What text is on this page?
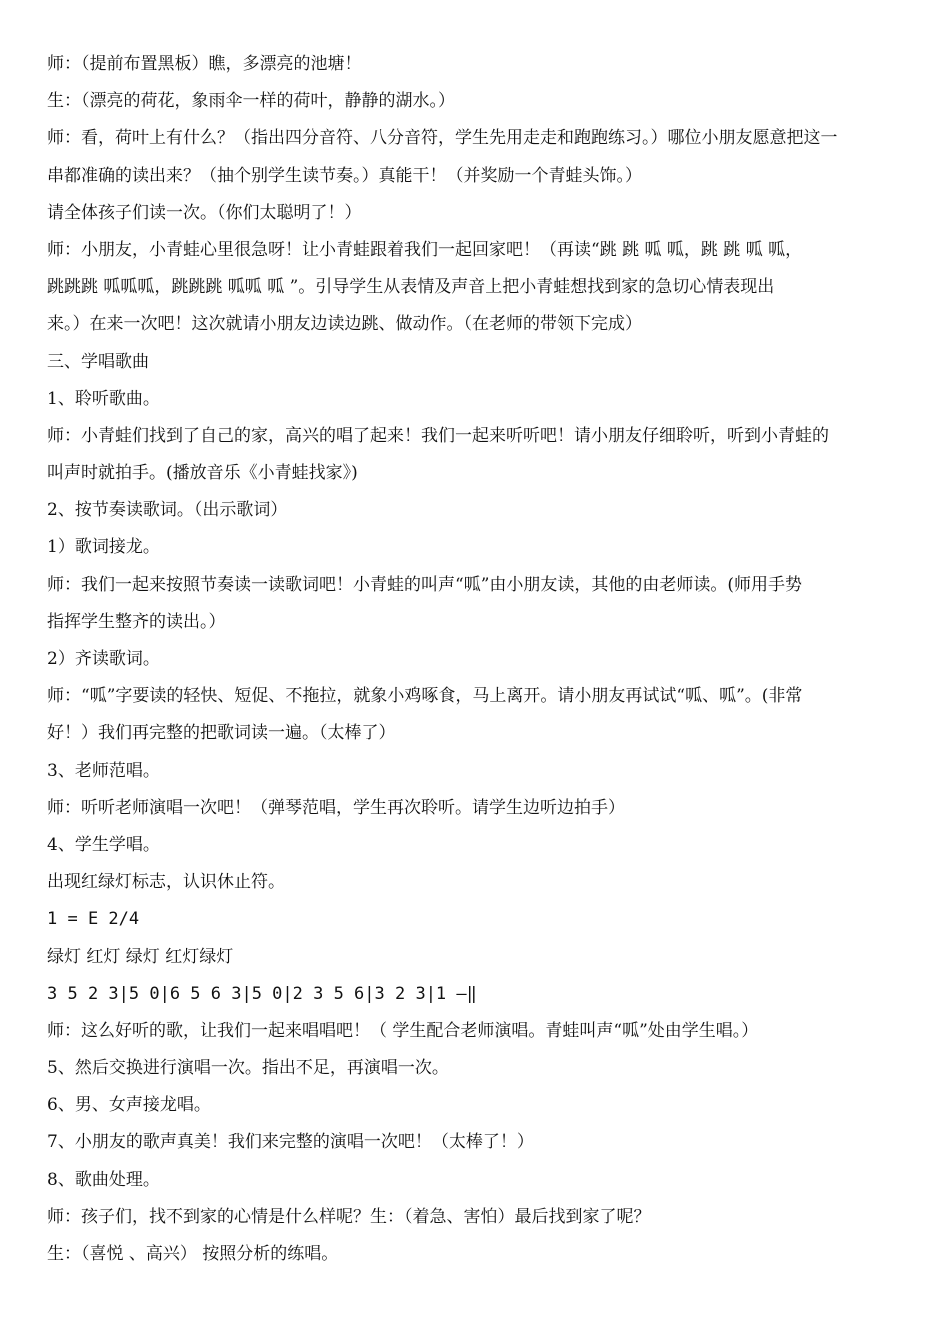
师：（提前布置黑板）瞧，多漂亮的池塘！
生：（漂亮的荷花，象雨伞一样的荷叶，静静的湖水。）
师：看，荷叶上有什么？（指出四分音符、八分音符，学生先用走走和跑跑练习。）哪位小朋友愿意把这一
串都准确的读出来？（抽个别学生读节奏。）真能干！（并奖励一个青蛙头饰。）
请全体孩子们读一次。（你们太聪明了！）
师：小朋友，小青蛙心里很急呀！让小青蛙跟着我们一起回家吧！（再读“跳 跳 呱 呱，跳 跳 呱 呱，
跳跳跳 呱呱呱，跳跳跳 呱呱 呱 ”。引导学生从表情及声音上把小青蛙想找到家的急切心情表现出
来。）在来一次吧！这次就请小朋友边读边跳、做动作。（在老师的带领下完成）
三、学唱歌曲
1、聆听歌曲。
师：小青蛙们找到了自己的家，高兴的唱了起来！我们一起来听听吧！请小朋友仔细聆听，听到小青蛙的
叫声时就拍手。(播放音乐《小青蛙找家》)
2、按节奏读歌词。（出示歌词）
1）歌词接龙。
师：我们一起来按照节奏读一读歌词吧！小青蛙的叫声“呱”由小朋友读，其他的由老师读。(师用手势
指挥学生整齐的读出。）
2）齐读歌词。
师：“呱”字要读的轻快、短促、不拖拉，就象小鸡啄食，马上离开。请小朋友再试试“呱、呱”。(非常
好！）我们再完整的把歌词读一遍。（太棒了）
3、老师范唱。
师：听听老师演唱一次吧！（弹琴范唱，学生再次聆听。请学生边听边拍手）
4、学生学唱。
出现红绿灯标志，认识休止符。
1 = E 2/4
绿灯 红灯 绿灯 红灯绿灯
3 5 2 3|5 0|6 5 6 3|5 0|2 3 5 6|3 2 3|1 —‖
师：这么好听的歌，让我们一起来唱唱吧！（ 学生配合老师演唱。青蛙叫声“呱”处由学生唱。）
5、然后交换进行演唱一次。指出不足，再演唱一次。
6、男、女声接龙唱。
7、小朋友的歌声真美！我们来完整的演唱一次吧！（太棒了！）
8、歌曲处理。
师：孩子们，找不到家的心情是什么样呢？生：（着急、害怕）最后找到家了呢？
生：（喜悦 、高兴） 按照分析的练唱。
